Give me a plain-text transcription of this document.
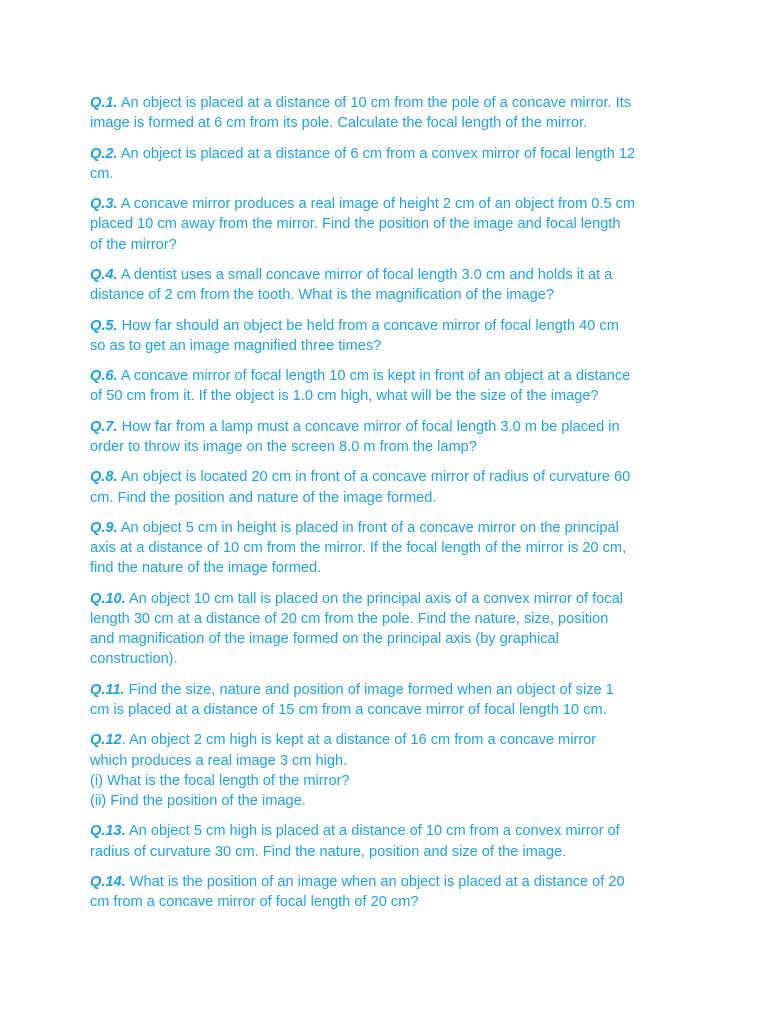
Q.1. An object is placed at a distance of 10 cm from the pole of a concave mirror. Its
image is formed at 6 cm from its pole. Calculate the focal length of the mirror.
Q.2. An object is placed at a distance of 6 cm from a convex mirror of focal length 12
cm.
Q.3. A concave mirror produces a real image of height 2 cm of an object from 0.5 cm
placed 10 cm away from the mirror. Find the position of the image and focal length
of the mirror?
Q.4. A dentist uses a small concave mirror of focal length 3.0 cm and holds it at a
distance of 2 cm from the tooth. What is the magnification of the image?
Q.5. How far should an object be held from a concave mirror of focal length 40 cm
so as to get an image magnified three times?
Q.6. A concave mirror of focal length 10 cm is kept in front of an object at a distance
of 50 cm from it. If the object is 1.0 cm high, what will be the size of the image?
Q.7. How far from a lamp must a concave mirror of focal length 3.0 m be placed in
order to throw its image on the screen 8.0 m from the lamp?
Q.8. An object is located 20 cm in front of a concave mirror of radius of curvature 60
cm. Find the position and nature of the image formed.
Q.9. An object 5 cm in height is placed in front of a concave mirror on the principal
axis at a distance of 10 cm from the mirror. If the focal length of the mirror is 20 cm,
find the nature of the image formed.
Q.10. An object 10 cm tall is placed on the principal axis of a convex mirror of focal
length 30 cm at a distance of 20 cm from the pole. Find the nature, size, position
and magnification of the image formed on the principal axis (by graphical
construction).
Q.11. Find the size, nature and position of image formed when an object of size 1
cm is placed at a distance of 15 cm from a concave mirror of focal length 10 cm.
Q.12. An object 2 cm high is kept at a distance of 16 cm from a concave mirror
which produces a real image 3 cm high.
(i) What is the focal length of the mirror?
(ii) Find the position of the image.
Q.13. An object 5 cm high is placed at a distance of 10 cm from a convex mirror of
radius of curvature 30 cm. Find the nature, position and size of the image.
Q.14. What is the position of an image when an object is placed at a distance of 20
cm from a concave mirror of focal length of 20 cm?
